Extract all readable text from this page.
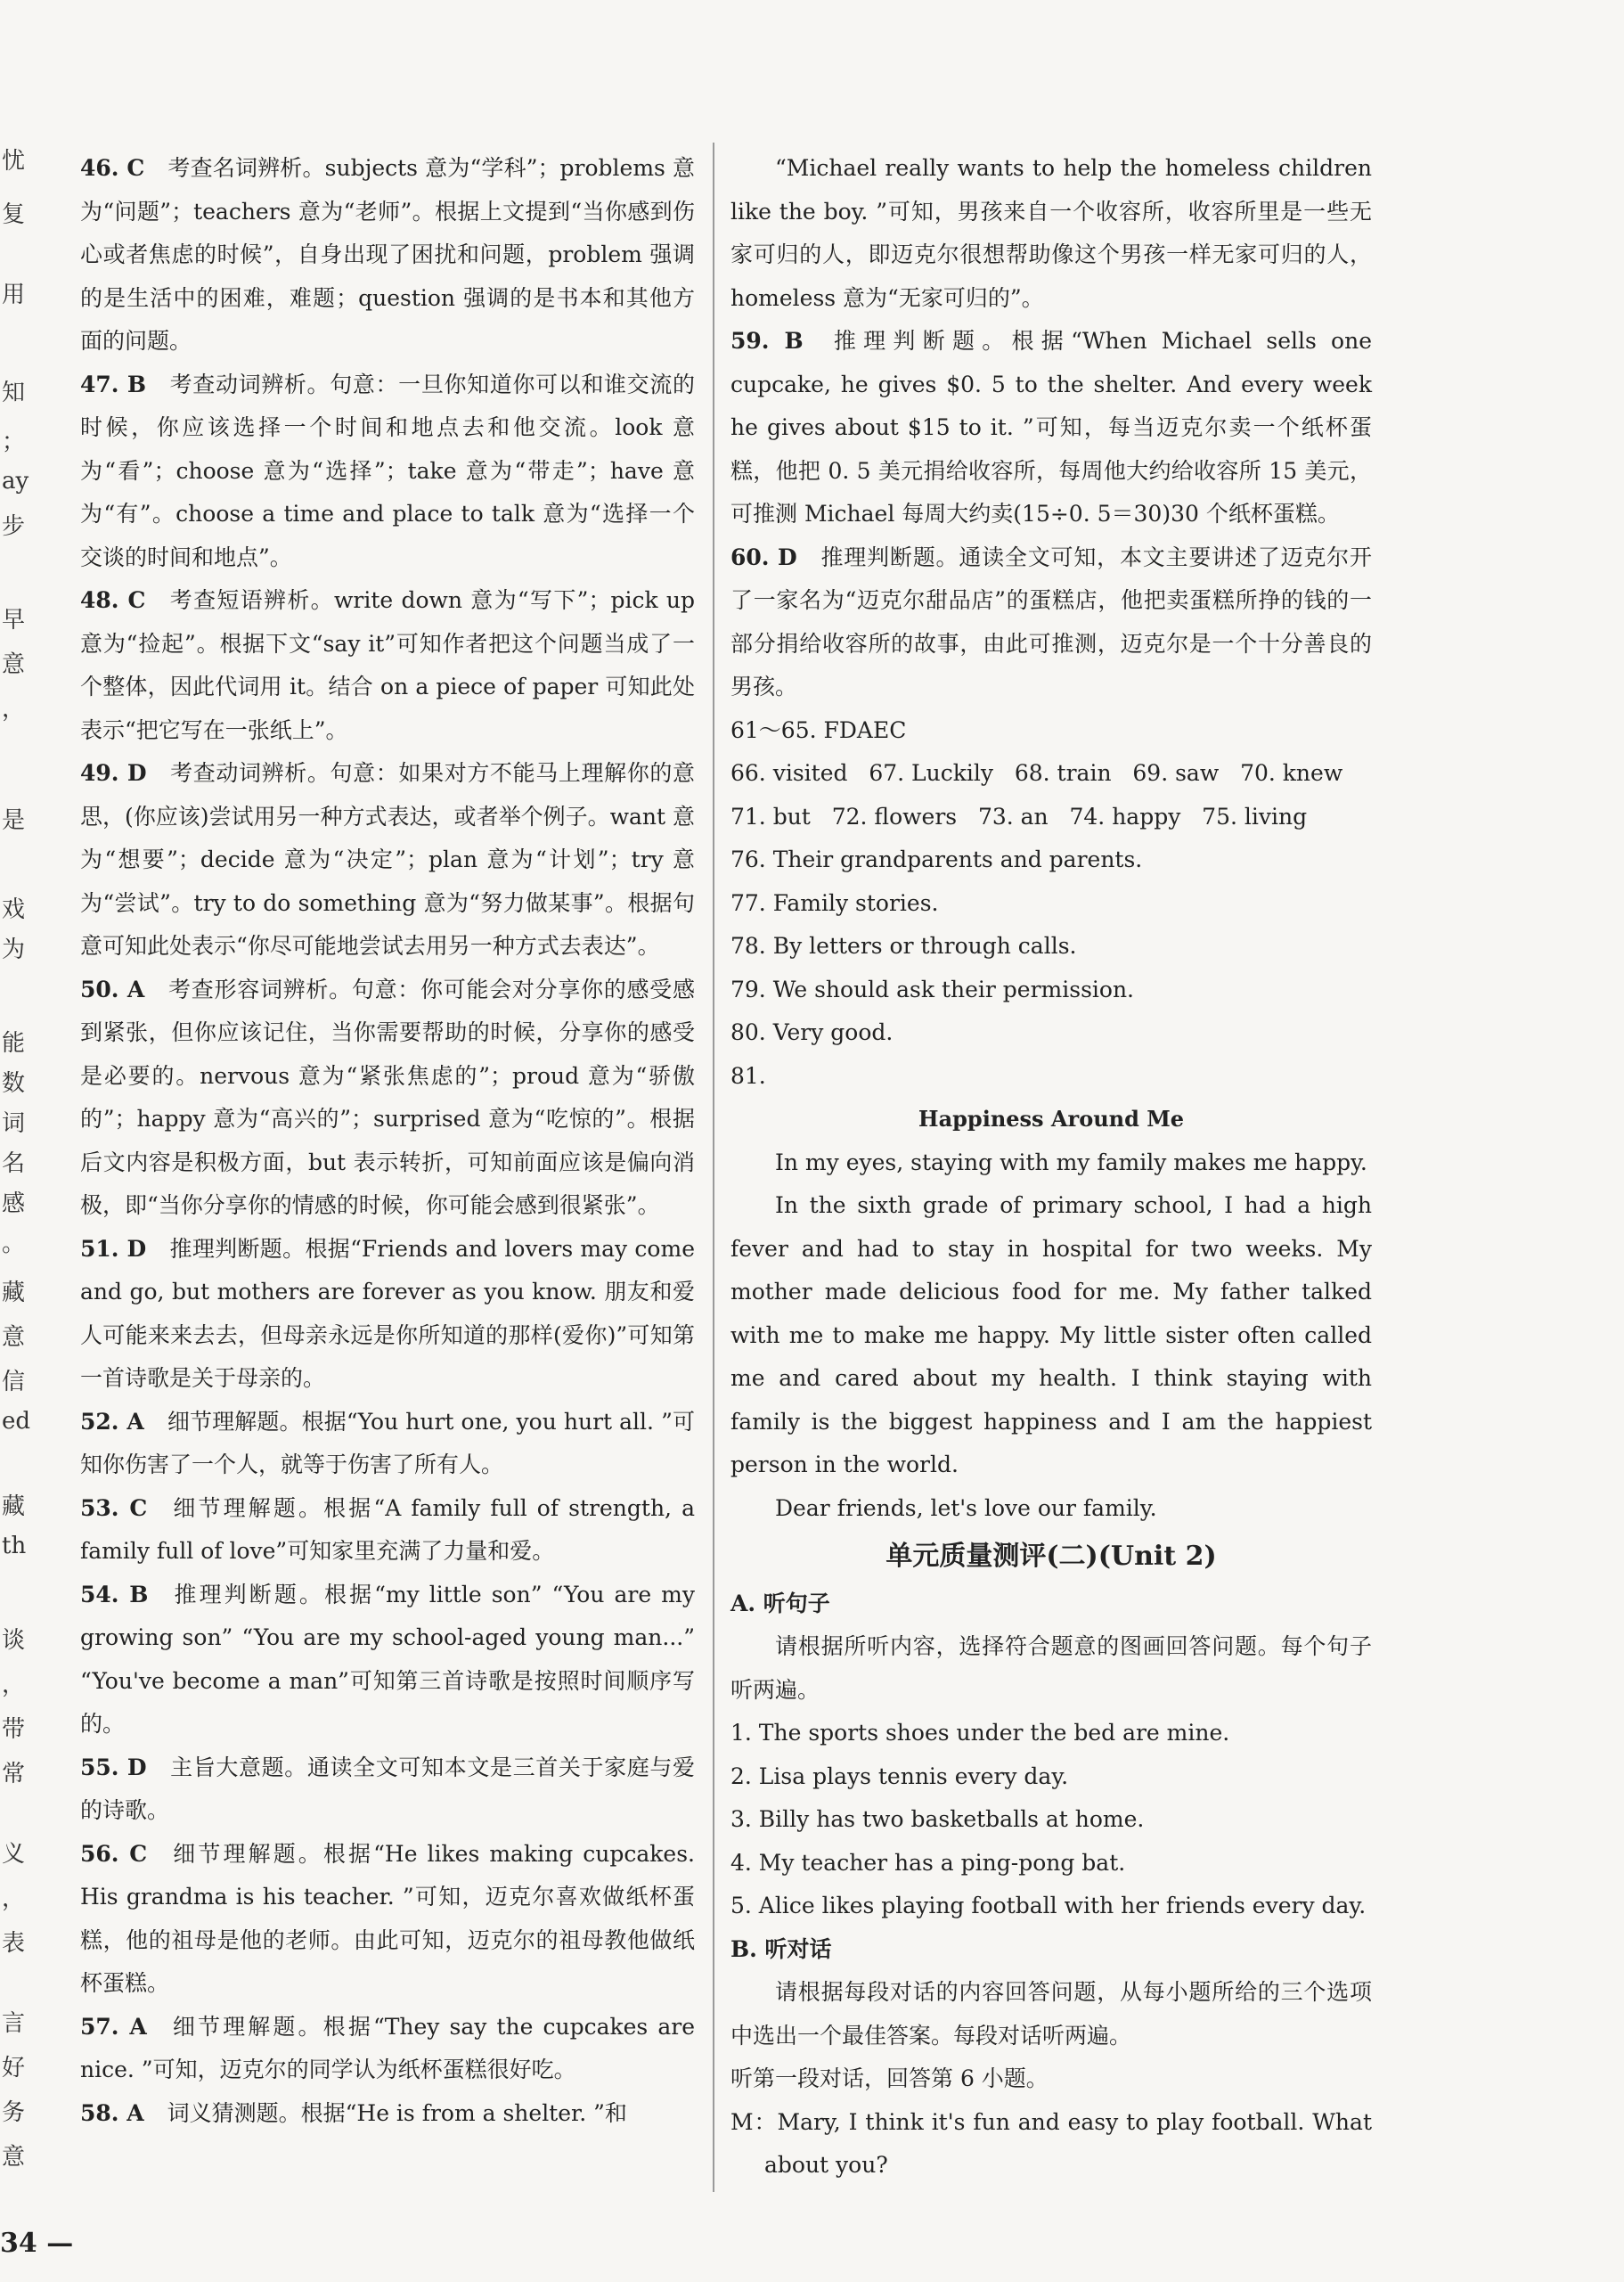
忧
复
用
知
；
ay
步
早
意
，
是
戏
为
能
数
词
名
感
。
藏
意
信
ed
藏
th
谈
，
带
常
义
，
表
言
好
务
意

46. C 考查名词辨析。subjects 意为“学科”；problems 意为“问题”；teachers 意为“老师”。根据上文提到“当你感到伤心或者焦虑的时候”，自身出现了困扰和问题，problem 强调的是生活中的困难，难题；question 强调的是书本和其他方面的问题。

47. B 考查动词辨析。句意：一旦你知道你可以和谁交流的时候，你应该选择一个时间和地点去和他交流。look 意为“看”；choose 意为“选择”；take 意为“带走”；have 意为“有”。choose a time and place to talk 意为“选择一个交谈的时间和地点”。

48. C 考查短语辨析。write down 意为“写下”；pick up 意为“捡起”。根据下文“say it”可知作者把这个问题当成了一个整体，因此代词用 it。结合 on a piece of paper 可知此处表示“把它写在一张纸上”。

49. D 考查动词辨析。句意：如果对方不能马上理解你的意思，(你应该)尝试用另一种方式表达，或者举个例子。want 意为“想要”；decide 意为“决定”；plan 意为“计划”；try 意为“尝试”。try to do something 意为“努力做某事”。根据句意可知此处表示“你尽可能地尝试去用另一种方式去表达”。

50. A 考查形容词辨析。句意：你可能会对分享你的感受感到紧张，但你应该记住，当你需要帮助的时候，分享你的感受是必要的。nervous 意为“紧张焦虑的”；proud 意为“骄傲的”；happy 意为“高兴的”；surprised 意为“吃惊的”。根据后文内容是积极方面，but 表示转折，可知前面应该是偏向消极，即“当你分享你的情感的时候，你可能会感到很紧张”。

51. D 推理判断题。根据“Friends and lovers may come and go, but mothers are forever as you know. 朋友和爱人可能来来去去，但母亲永远是你所知道的那样(爱你)”可知第一首诗歌是关于母亲的。

52. A 细节理解题。根据“You hurt one, you hurt all. ”可知你伤害了一个人，就等于伤害了所有人。

53. C 细节理解题。根据“A family full of strength, a family full of love”可知家里充满了力量和爱。

54. B 推理判断题。根据“my little son” “You are my growing son” “You are my school-aged young man...” “You've become a man”可知第三首诗歌是按照时间顺序写的。

55. D 主旨大意题。通读全文可知本文是三首关于家庭与爱的诗歌。

56. C 细节理解题。根据“He likes making cupcakes. His grandma is his teacher. ”可知，迈克尔喜欢做纸杯蛋糕，他的祖母是他的老师。由此可知，迈克尔的祖母教他做纸杯蛋糕。

57. A 细节理解题。根据“They say the cupcakes are nice. ”可知，迈克尔的同学认为纸杯蛋糕很好吃。

58. A 词义猜测题。根据“He is from a shelter. ”和

“Michael really wants to help the homeless children like the boy. ”可知，男孩来自一个收容所，收容所里是一些无家可归的人，即迈克尔很想帮助像这个男孩一样无家可归的人，homeless 意为“无家可归的”。

59. B 推理判断题。根据“When Michael sells one cupcake, he gives $0. 5 to the shelter. And every week he gives about $15 to it. ”可知，每当迈克尔卖一个纸杯蛋糕，他把 0. 5 美元捐给收容所，每周他大约给收容所 15 美元，可推测 Michael 每周大约卖(15÷0. 5＝30)30 个纸杯蛋糕。

60. D 推理判断题。通读全文可知，本文主要讲述了迈克尔开了一家名为“迈克尔甜品店”的蛋糕店，他把卖蛋糕所挣的钱的一部分捐给收容所的故事，由此可推测，迈克尔是一个十分善良的男孩。

61～65. FDAEC

66. visited   67. Luckily   68. train   69. saw   70. knew

71. but   72. flowers   73. an   74. happy   75. living

76. Their grandparents and parents.

77. Family stories.

78. By letters or through calls.

79. We should ask their permission.

80. Very good.

81.

Happiness Around Me

In my eyes, staying with my family makes me happy.

In the sixth grade of primary school, I had a high fever and had to stay in hospital for two weeks. My mother made delicious food for me. My father talked with me to make me happy. My little sister often called me and cared about my health. I think staying with family is the biggest happiness and I am the happiest person in the world.

Dear friends, let's love our family.

单元质量测评(二)(Unit 2)

A. 听句子

请根据所听内容，选择符合题意的图画回答问题。每个句子听两遍。

1. The sports shoes under the bed are mine.

2. Lisa plays tennis every day.

3. Billy has two basketballs at home.

4. My teacher has a ping-pong bat.

5. Alice likes playing football with her friends every day.

B. 听对话

请根据每段对话的内容回答问题，从每小题所给的三个选项中选出一个最佳答案。每段对话听两遍。

听第一段对话，回答第 6 小题。

M：Mary, I think it's fun and easy to play football. What about you?

34 —
